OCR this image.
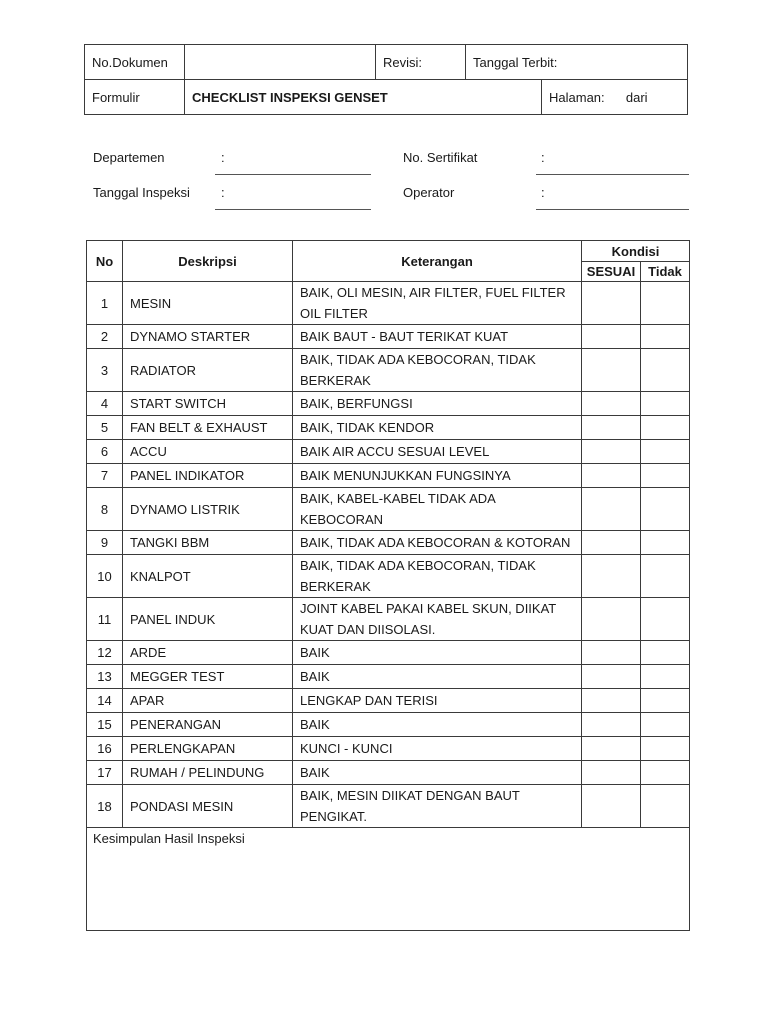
No.Dokumen		Revisi:	Tanggal Terbit:	
Formulir	CHECKLIST INSPEKSI GENSET			Halaman: dari
Departemen	:
Tanggal Inspeksi :
No. Sertifikat	:
Operator	:
No	Deskripsi	Keterangan	Kondisi	
			SESUAI	Tidak
1	MESIN	BAIK, OLI MESIN, AIR FILTER, FUEL FILTER OIL FILTER		
2	DYNAMO STARTER	BAIK BAUT - BAUT TERIKAT KUAT		
3	RADIATOR	BAIK, TIDAK ADA KEBOCORAN, TIDAK BERKERAK		
4	START SWITCH	BAIK, BERFUNGSI		
5	FAN BELT & EXHAUST	BAIK, TIDAK KENDOR		
6	ACCU	BAIK AIR ACCU SESUAI LEVEL		
7	PANEL INDIKATOR	BAIK MENUNJUKKAN FUNGSINYA		
8	DYNAMO LISTRIK	BAIK, KABEL-KABEL TIDAK ADA KEBOCORAN		
9	TANGKI BBM	BAIK, TIDAK ADA KEBOCORAN & KOTORAN		
10	KNALPOT	BAIK, TIDAK ADA KEBOCORAN, TIDAK BERKERAK		
11	PANEL INDUK	JOINT KABEL PAKAI KABEL SKUN, DIIKAT KUAT DAN DIISOLASI.		
12	ARDE	BAIK		
13	MEGGER TEST	BAIK		
14	APAR	LENGKAP DAN TERISI		
15	PENERANGAN	BAIK		
16	PERLENGKAPAN	KUNCI - KUNCI		
17	RUMAH / PELINDUNG	BAIK		
18	PONDASI MESIN	BAIK, MESIN DIIKAT DENGAN BAUT PENGIKAT.		
Kesimpulan Hasil Inspeksi				
